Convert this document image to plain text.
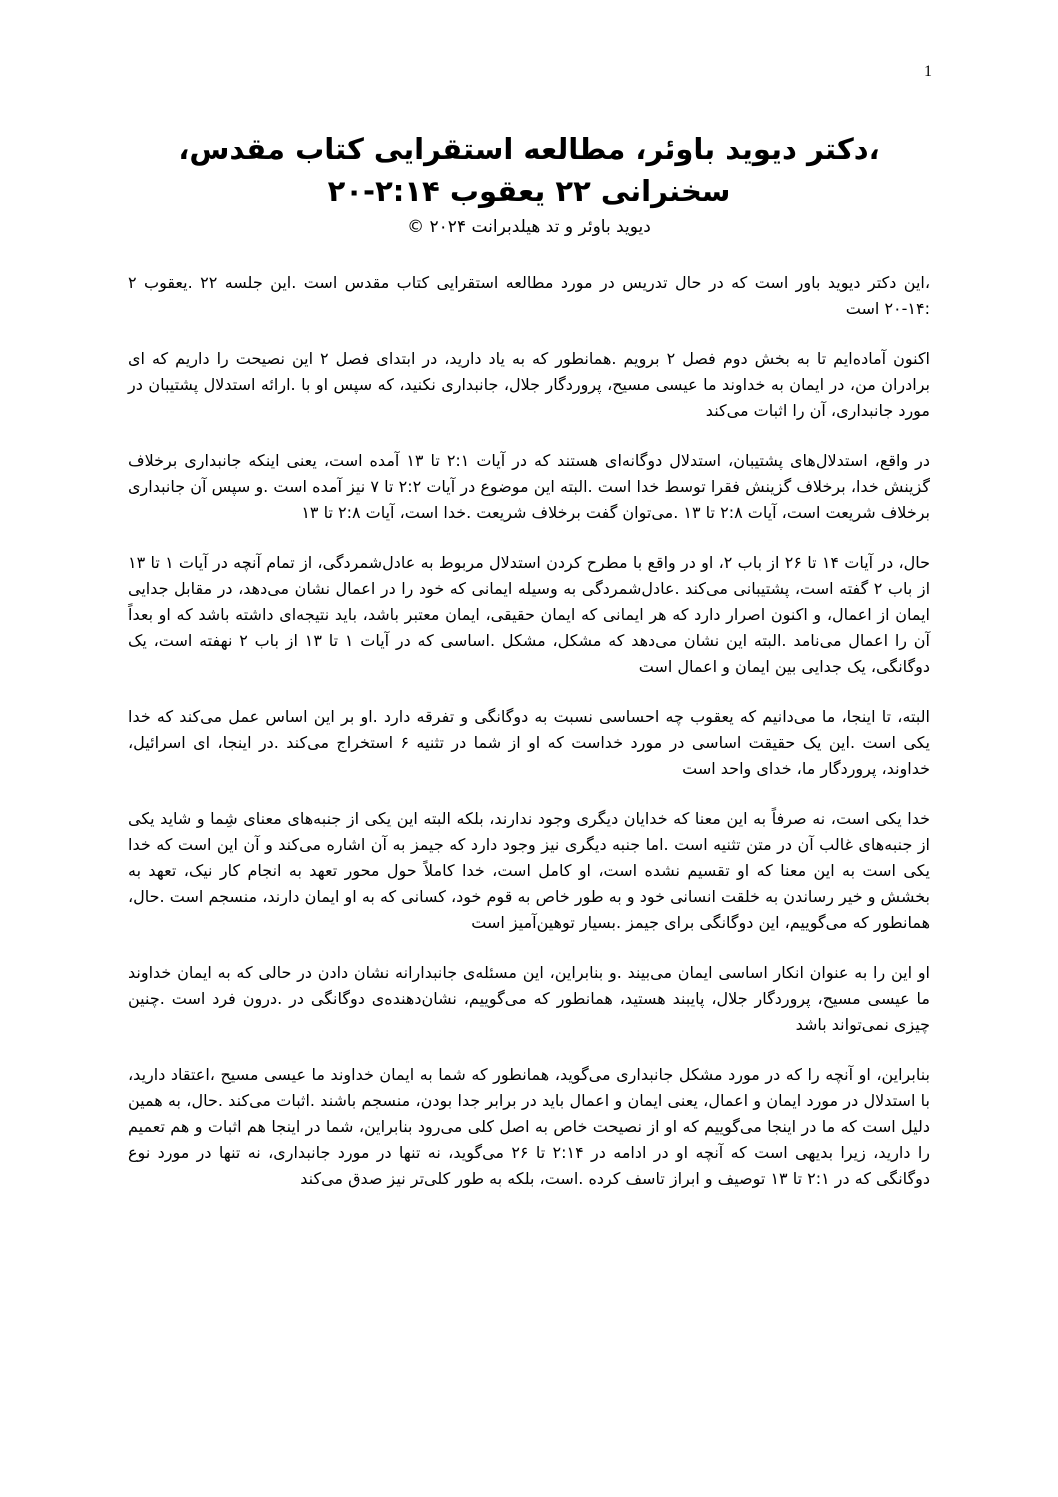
1
،دکتر دیوید باوئر، مطالعه استقرایی کتاب مقدس، سخنرانی ۲۲ یعقوب ۲:۱۴-۲۰

دیوید باوئر و تد هیلدبرانت ۲۰۲۴ ©

،این دکتر دیوید باور است که در حال تدریس در مورد مطالعه استقرایی کتاب مقدس است .این جلسه ۲۲ .یعقوب ۲ :۱۴-۲۰ است

اکنون آماده‌ایم تا به بخش دوم فصل ۲ برویم .همانطور که به یاد دارید، در ابتدای فصل ۲ این نصیحت را داریم که ای برادران من، در ایمان به خداوند ما عیسی مسیح، پروردگار جلال، جانبداری نکنید، که سپس او با .ارائه استدلال پشتیبان در مورد جانبداری، آن را اثبات می‌کند

در واقع، استدلال‌های پشتیبان، استدلال دوگانه‌ای هستند که در آیات ۲:۱ تا ۱۳ آمده است، یعنی اینکه جانبداری برخلاف گزینش خدا، برخلاف گزینش فقرا توسط خدا است .البته این موضوع در آیات ۲:۲ تا ۷ نیز آمده است .و سپس آن جانبداری برخلاف شریعت است، آیات ۲:۸ تا ۱۳ .می‌توان گفت برخلاف شریعت .خدا است، آیات ۲:۸ تا ۱۳

حال، در آیات ۱۴ تا ۲۶ از باب ۲، او در واقع با مطرح کردن استدلال مربوط به عادل‌شمردگی، از تمام آنچه در آیات ۱ تا ۱۳ از باب ۲ گفته است، پشتیبانی می‌کند .عادل‌شمردگی به وسیله ایمانی که خود را در اعمال نشان می‌دهد، در مقابل جدایی ایمان از اعمال، و اکنون اصرار دارد که هر ایمانی که ایمان حقیقی، ایمان معتبر باشد، باید نتیجه‌ای داشته باشد که او بعداً آن را اعمال می‌نامد .البته این نشان می‌دهد که مشکل، مشکل .اساسی که در آیات ۱ تا ۱۳ از باب ۲ نهفته است، یک دوگانگی، یک جدایی بین ایمان و اعمال است

البته، تا اینجا، ما می‌دانیم که یعقوب چه احساسی نسبت به دوگانگی و تفرقه دارد .او بر این اساس عمل می‌کند که خدا یکی است .این یک حقیقت اساسی در مورد خداست که او از شما در تثنیه ۶ استخراج می‌کند .در اینجا، ای اسرائیل، خداوند، پروردگار ما، خدای واحد است

خدا یکی است، نه صرفاً به این معنا که خدایان دیگری وجود ندارند، بلکه البته این یکی از جنبه‌های معنای شِما و شاید یکی از جنبه‌های غالب آن در متن تثنیه است .اما جنبه دیگری نیز وجود دارد که جیمز به آن اشاره می‌کند و آن این است که خدا یکی است به این معنا که او تقسیم نشده است، او کامل است، خدا کاملاً حول محور تعهد به انجام کار نیک، تعهد به بخشش و خیر رساندن به خلقت انسانی خود و به طور خاص به قوم خود، کسانی که به او ایمان دارند، منسجم است .حال، همانطور که می‌گوییم، این دوگانگی برای جیمز .بسیار توهین‌آمیز است

او این را به عنوان انکار اساسی ایمان می‌بیند .و بنابراین، این مسئله‌ی جانبدارانه نشان دادن در حالی که به ایمان خداوند ما عیسی مسیح، پروردگار جلال، پایبند هستید، همانطور که می‌گوییم، نشان‌دهنده‌ی دوگانگی در .درون فرد است .چنین چیزی نمی‌تواند باشد

بنابراین، او آنچه را که در مورد مشکل جانبداری می‌گوید، همانطور که شما به ایمان خداوند ما عیسی مسیح ،اعتقاد دارید، با استدلال در مورد ایمان و اعمال، یعنی ایمان و اعمال باید در برابر جدا بودن، منسجم باشند .اثبات می‌کند .حال، به همین دلیل است که ما در اینجا می‌گوییم که او از نصیحت خاص به اصل کلی می‌رود بنابراین، شما در اینجا هم اثبات و هم تعمیم را دارید، زیرا بدیهی است که آنچه او در ادامه در ۲:۱۴ تا ۲۶ می‌گوید، نه تنها در مورد جانبداری، نه تنها در مورد نوع دوگانگی که در ۲:۱ تا ۱۳ توصیف و ابراز تاسف کرده .است، بلکه به طور کلی‌تر نیز صدق می‌کند
